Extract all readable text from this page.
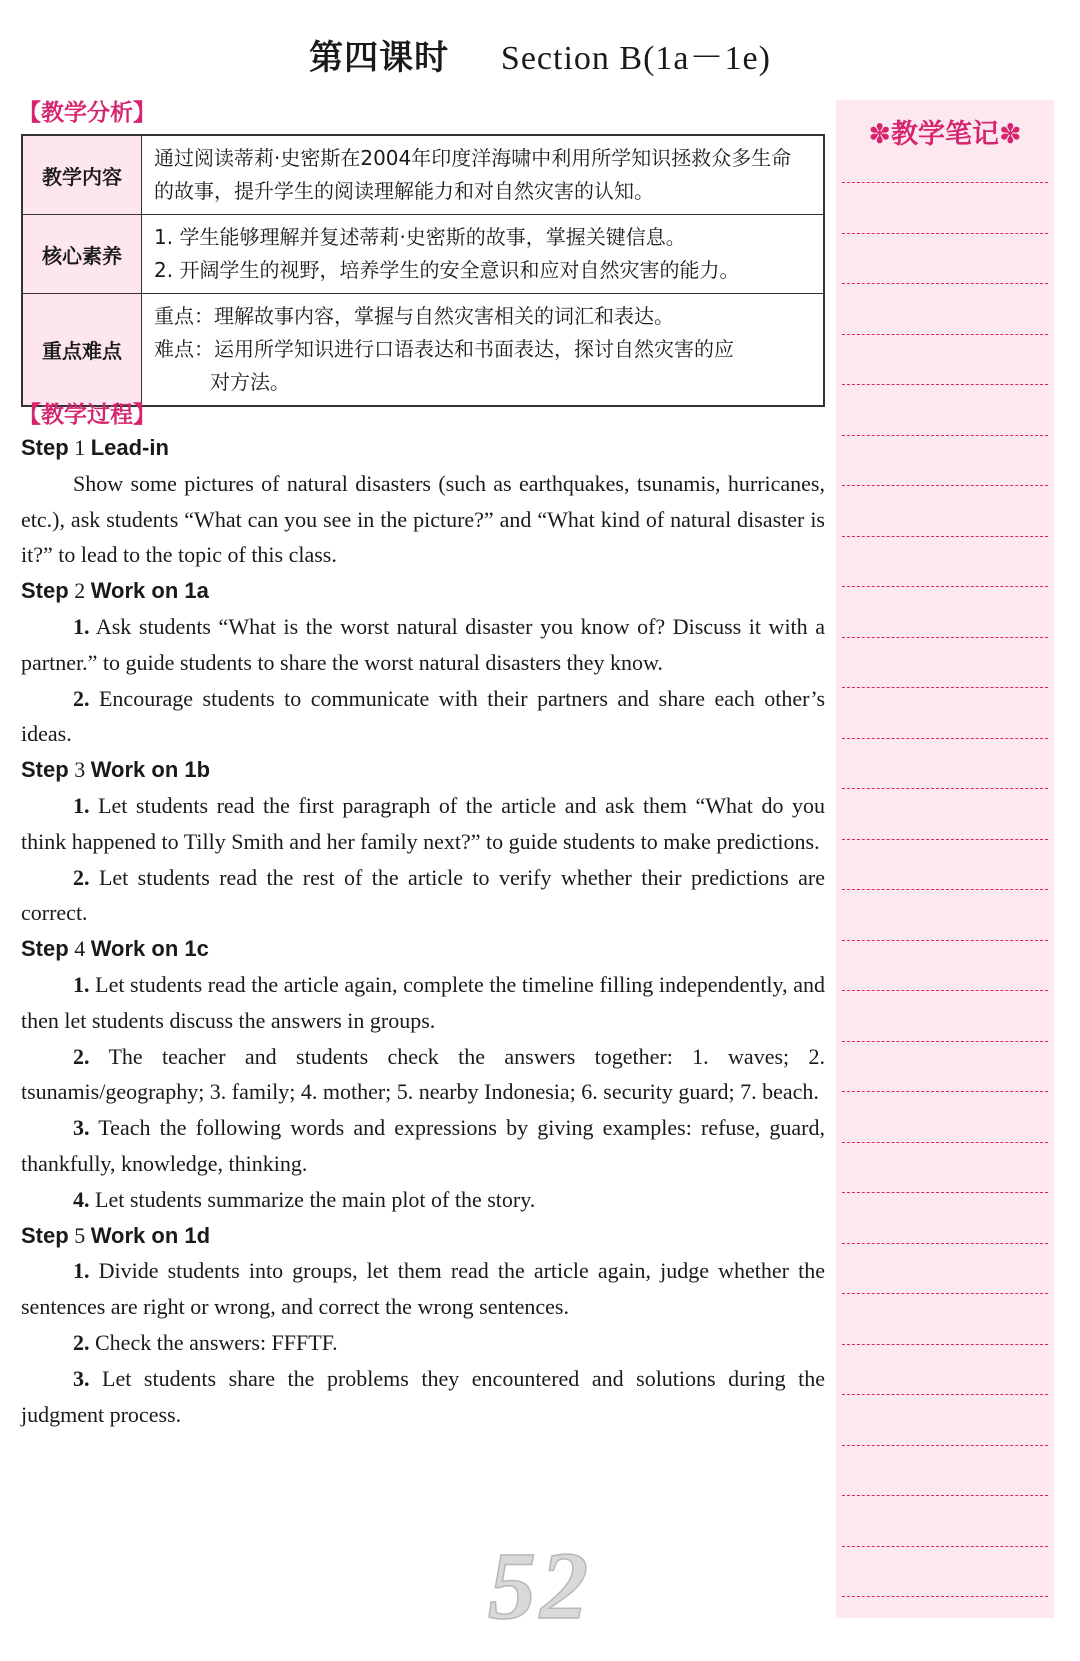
第四课时 Section B(1a－1e)
【教学分析】
教学内容	通过阅读蒂莉·史密斯在2004年印度洋海啸中利用所学知识拯救众多生命的故事，提升学生的阅读理解能力和对自然灾害的认知。
核心素养	1. 学生能够理解并复述蒂莉·史密斯的故事，掌握关键信息。
2. 开阔学生的视野，培养学生的安全意识和应对自然灾害的能力。

重点难点	重点：理解故事内容，掌握与自然灾害相关的词汇和表达。
难点：运用所学知识进行口语表达和书面表达，探讨自然灾害的应
对方法。
【教学过程】

Step 1 Lead-in

Show some pictures of natural disasters (such as earthquakes, tsunamis, hurricanes, etc.), ask students “What can you see in the picture?” and “What kind of natural disaster is it?” to lead to the topic of this class.

Step 2 Work on 1a

1. Ask students “What is the worst natural disaster you know of? Discuss it with a partner.” to guide students to share the worst natural disasters they know.

2. Encourage students to communicate with their partners and share each other’s ideas.

Step 3 Work on 1b

1. Let students read the first paragraph of the article and ask them “What do you think happened to Tilly Smith and her family next?” to guide students to make predictions.

2. Let students read the rest of the article to verify whether their predictions are correct.

Step 4 Work on 1c

1. Let students read the article again, complete the timeline filling independently, and then let students discuss the answers in groups.

2. The teacher and students check the answers together: 1. waves; 2. tsunamis/geography; 3. family; 4. mother; 5. nearby Indonesia; 6. security guard; 7. beach.

3. Teach the following words and expressions by giving examples: refuse, guard, thankfully, knowledge, thinking.

4. Let students summarize the main plot of the story.

Step 5 Work on 1d

1. Divide students into groups, let them read the article again, judge whether the sentences are right or wrong, and correct the wrong sentences.

2. Check the answers: FFFTF.

3. Let students share the problems they encountered and solutions during the judgment process.

✽教学笔记✽
52
